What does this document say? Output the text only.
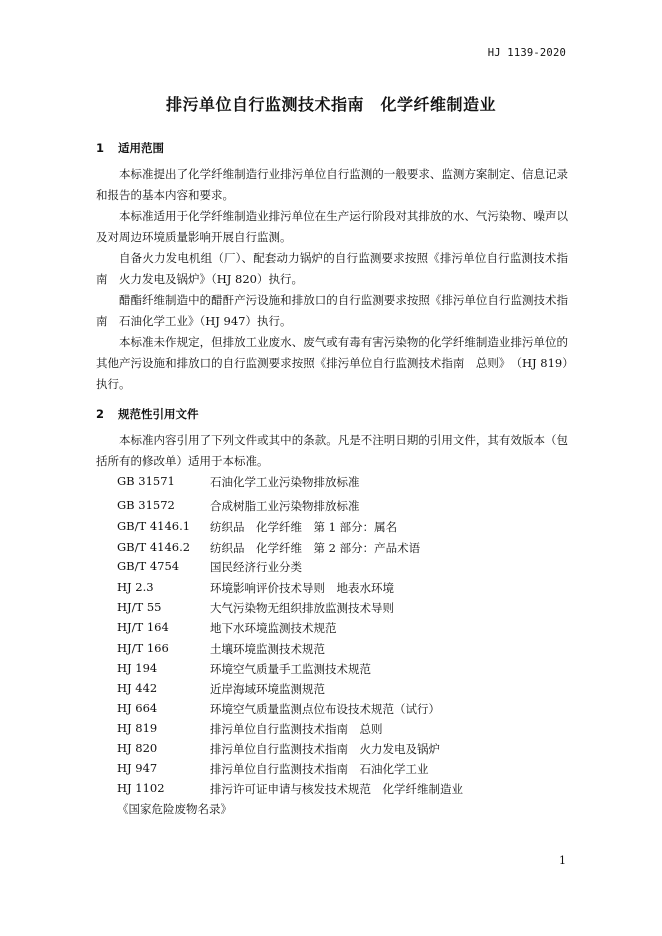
HJ 1139-2020
排污单位自行监测技术指南　化学纤维制造业
1 适用范围

本标准提出了化学纤维制造行业排污单位自行监测的一般要求、监测方案制定、信息记录和报告的基本内容和要求。

本标准适用于化学纤维制造业排污单位在生产运行阶段对其排放的水、气污染物、噪声以及对周边环境质量影响开展自行监测。

自备火力发电机组（厂）、配套动力锅炉的自行监测要求按照《排污单位自行监测技术指南　火力发电及锅炉》（HJ 820）执行。

醋酯纤维制造中的醋酐产污设施和排放口的自行监测要求按照《排污单位自行监测技术指南　石油化学工业》（HJ 947）执行。

本标准未作规定，但排放工业废水、废气或有毒有害污染物的化学纤维制造业排污单位的其他产污设施和排放口的自行监测要求按照《排污单位自行监测技术指南　总则》　（HJ 819）执行。

2 规范性引用文件

本标准内容引用了下列文件或其中的条款。凡是不注明日期的引用文件，其有效版本（包括所有的修改单）适用于本标准。

GB 31571	石油化学工业污染物排放标准
GB 31572	合成树脂工业污染物排放标准
GB/T 4146.1 纺织品　化学纤维　第 1 部分：属名
GB/T 4146.2 纺织品　化学纤维　第 2 部分：产品术语
GB/T 4754	国民经济行业分类
HJ 2.3	环境影响评价技术导则　地表水环境
HJ/T 55	大气污染物无组织排放监测技术导则
HJ/T 164	地下水环境监测技术规范
HJ/T 166	土壤环境监测技术规范
HJ 194	环境空气质量手工监测技术规范
HJ 442	近岸海域环境监测规范
HJ 664	环境空气质量监测点位布设技术规范（试行）
HJ 819	排污单位自行监测技术指南　总则
HJ 820	排污单位自行监测技术指南　火力发电及锅炉
HJ 947	排污单位自行监测技术指南　石油化学工业
HJ 1102	排污许可证申请与核发技术规范　化学纤维制造业
《国家危险废物名录》
1
